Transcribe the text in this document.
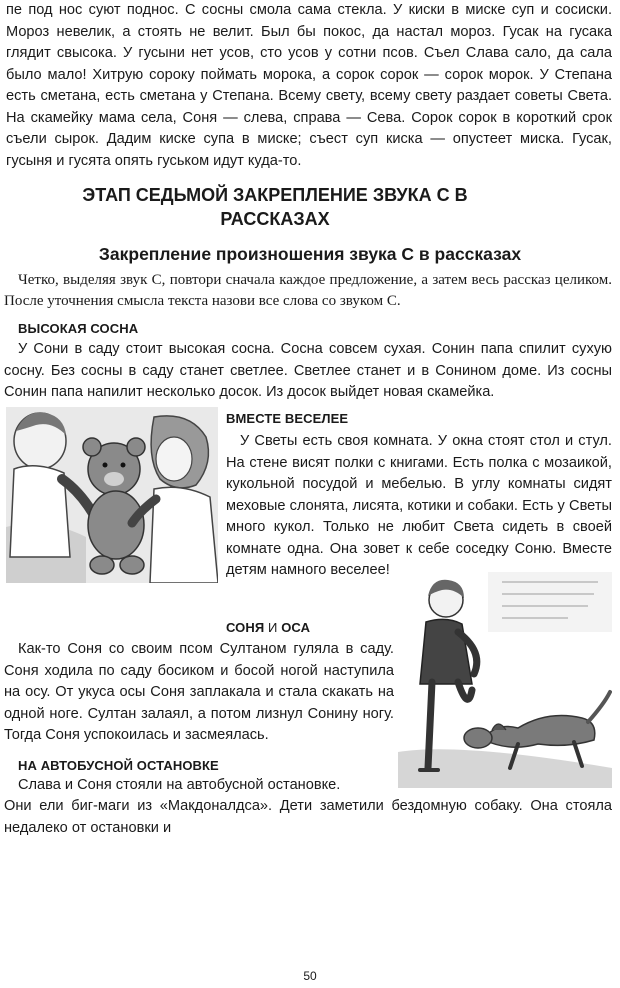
пе под нос суют поднос. С сосны смола сама стекла. У киски в миске суп и сосиски. Мороз невелик, а стоять не велит. Был бы покос, да настал мороз. Гусак на гусака глядит свысока. У гусыни нет усов, сто усов у сотни псов. Съел Слава сало, да сала было мало! Хитрую сороку поймать морока, а сорок сорок — сорок морок. У Степана есть сметана, есть сметана у Степана. Всему свету, всему свету раздает советы Света. На скамейку мама села, Соня — слева, справа — Сева. Сорок сорок в короткий срок съели сырок. Дадим киске супа в миске; съест суп киска — опустеет миска. Гусак, гусыня и гусята опять гуськом идут куда-то.

ЭТАП СЕДЬМОЙ ЗАКРЕПЛЕНИЕ ЗВУКА С В РАССКАЗАХ
Закрепление произношения звука С в рассказах

Четко, выделяя звук С, повтори сначала каждое предложение, а затем весь рассказ целиком. После уточнения смысла текста назови все слова со звуком С.

ВЫСОКАЯ СОСНА

У Сони в саду стоит высокая сосна. Сосна совсем сухая. Сонин папа спилит сухую сосну. Без сосны в саду станет светлее. Светлее станет и в Сонином доме. Из сосны Сонин папа напилит несколько досок. Из досок выйдет новая скамейка.

ВМЕСТЕ ВЕСЕЛЕЕ

У Светы есть своя комната. У окна стоят стол и стул. На стене висят полки с книгами. Есть полка с мозаикой, кукольной посудой и мебелью. В углу комнаты сидят меховые слонята, лисята, котики и собаки. Есть у Светы много кукол. Только не любит Света сидеть в своей комнате одна. Она зовет к себе соседку Соню. Вместе детям намного веселее!

СОНЯ И ОСА

Как-то Соня со своим псом Султаном гуляла в саду. Соня ходила по саду босиком и босой ногой наступила на осу. От укуса осы Соня заплакала и стала скакать на одной ноге. Султан залаял, а потом лизнул Сонину ногу. Тогда Соня успокоилась и засмеялась.

НА АВТОБУСНОЙ ОСТАНОВКЕ

Слава и Соня стояли на автобусной остановке.

Они ели биг-маги из «Макдоналдса». Дети заметили бездомную собаку. Она стояла недалеко от остановки и

50
